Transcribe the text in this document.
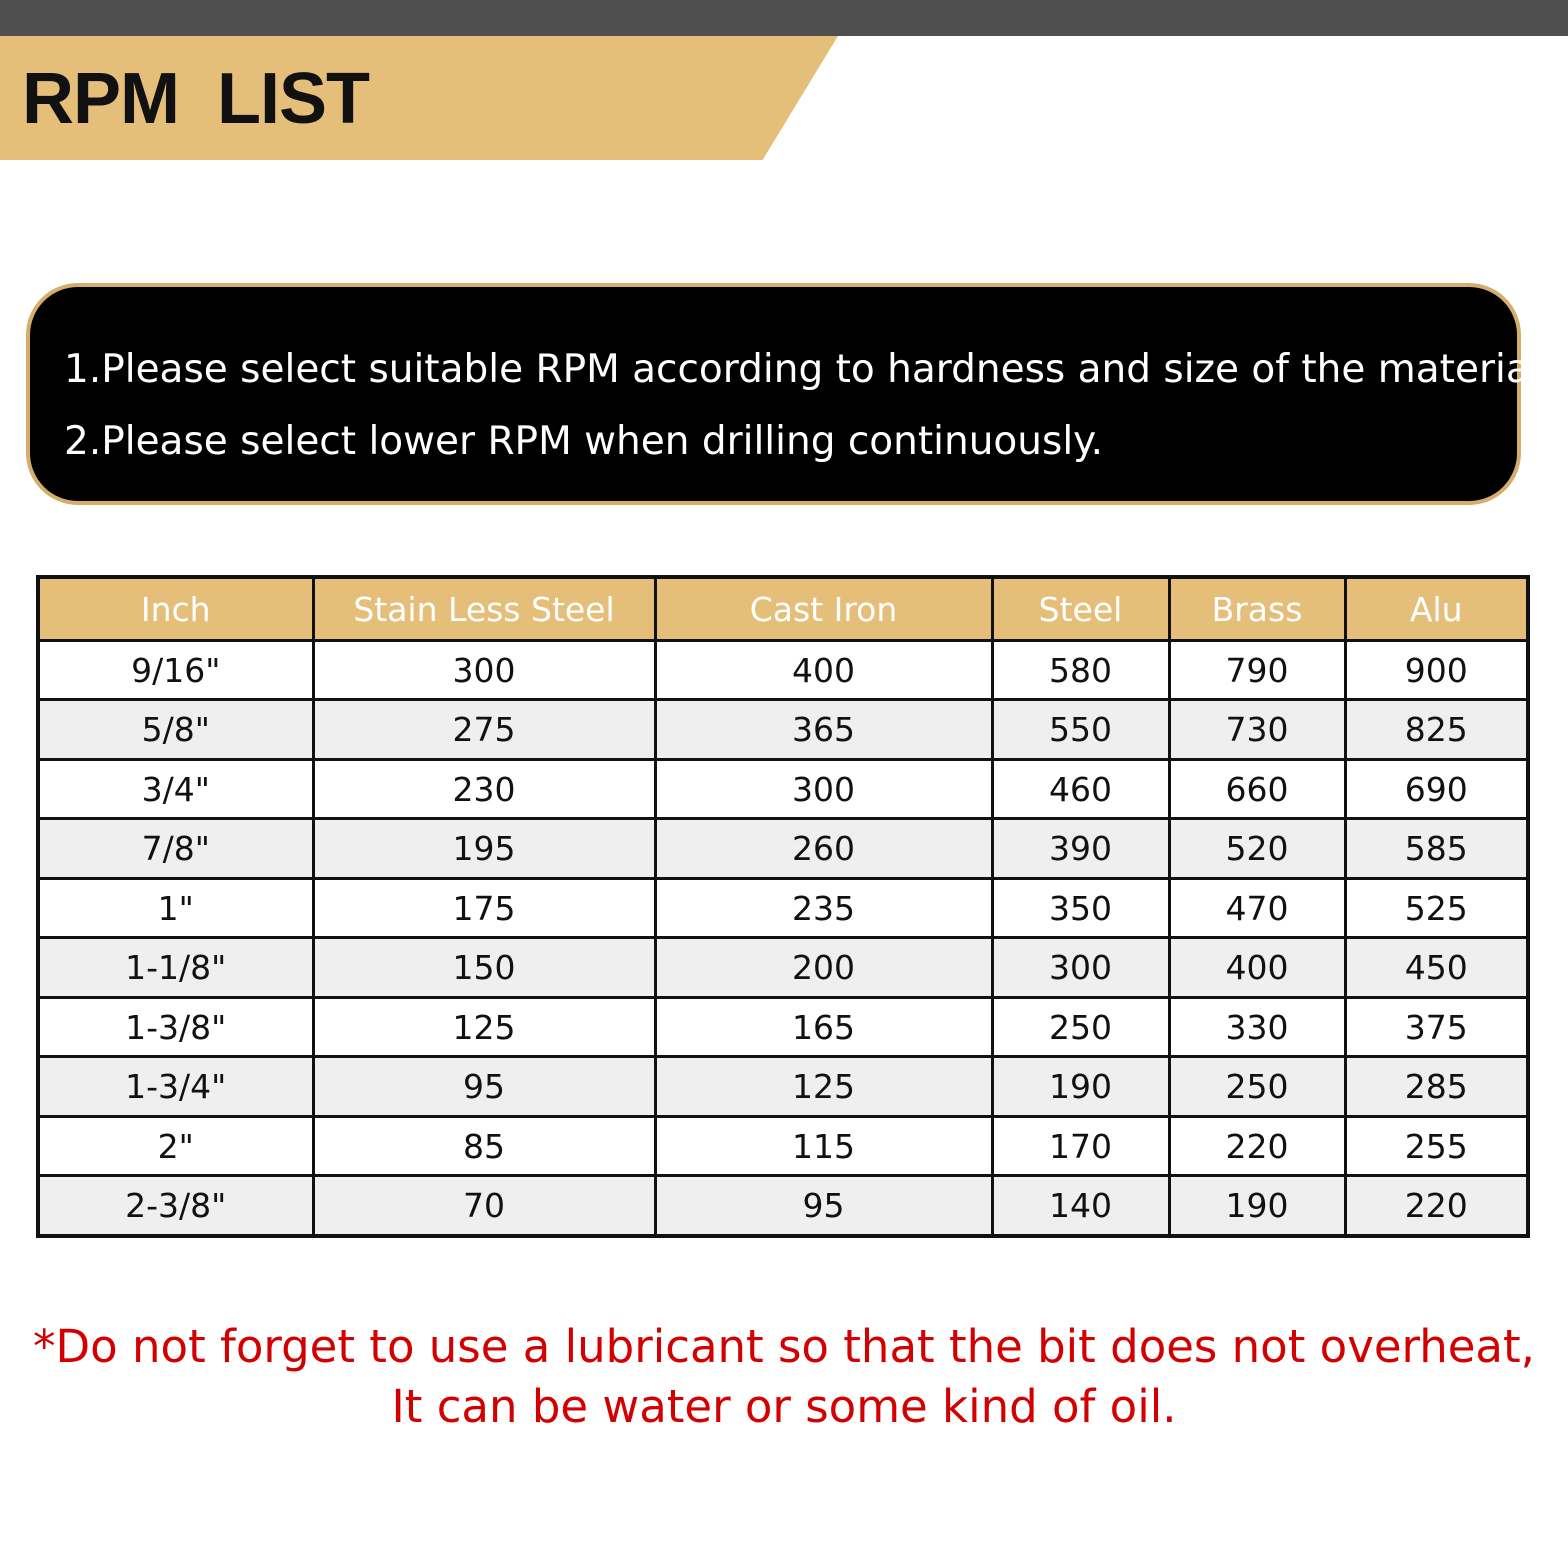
RPM  LIST
1.Please select suitable RPM according to hardness and size of the material.
2.Please select lower RPM when drilling continuously.
Inch	Stain Less Steel	Cast Iron	Steel	Brass	Alu
9/16"	300	400	580	790	900
5/8"	275	365	550	730	825
3/4"	230	300	460	660	690
7/8"	195	260	390	520	585
1"	175	235	350	470	525
1-1/8"	150	200	300	400	450
1-3/8"	125	165	250	330	375
1-3/4"	95	125	190	250	285
2"	85	115	170	220	255
2-3/8"	70	95	140	190	220
*Do not forget to use a lubricant so that the bit does not overheat,
It can be water or some kind of oil.
